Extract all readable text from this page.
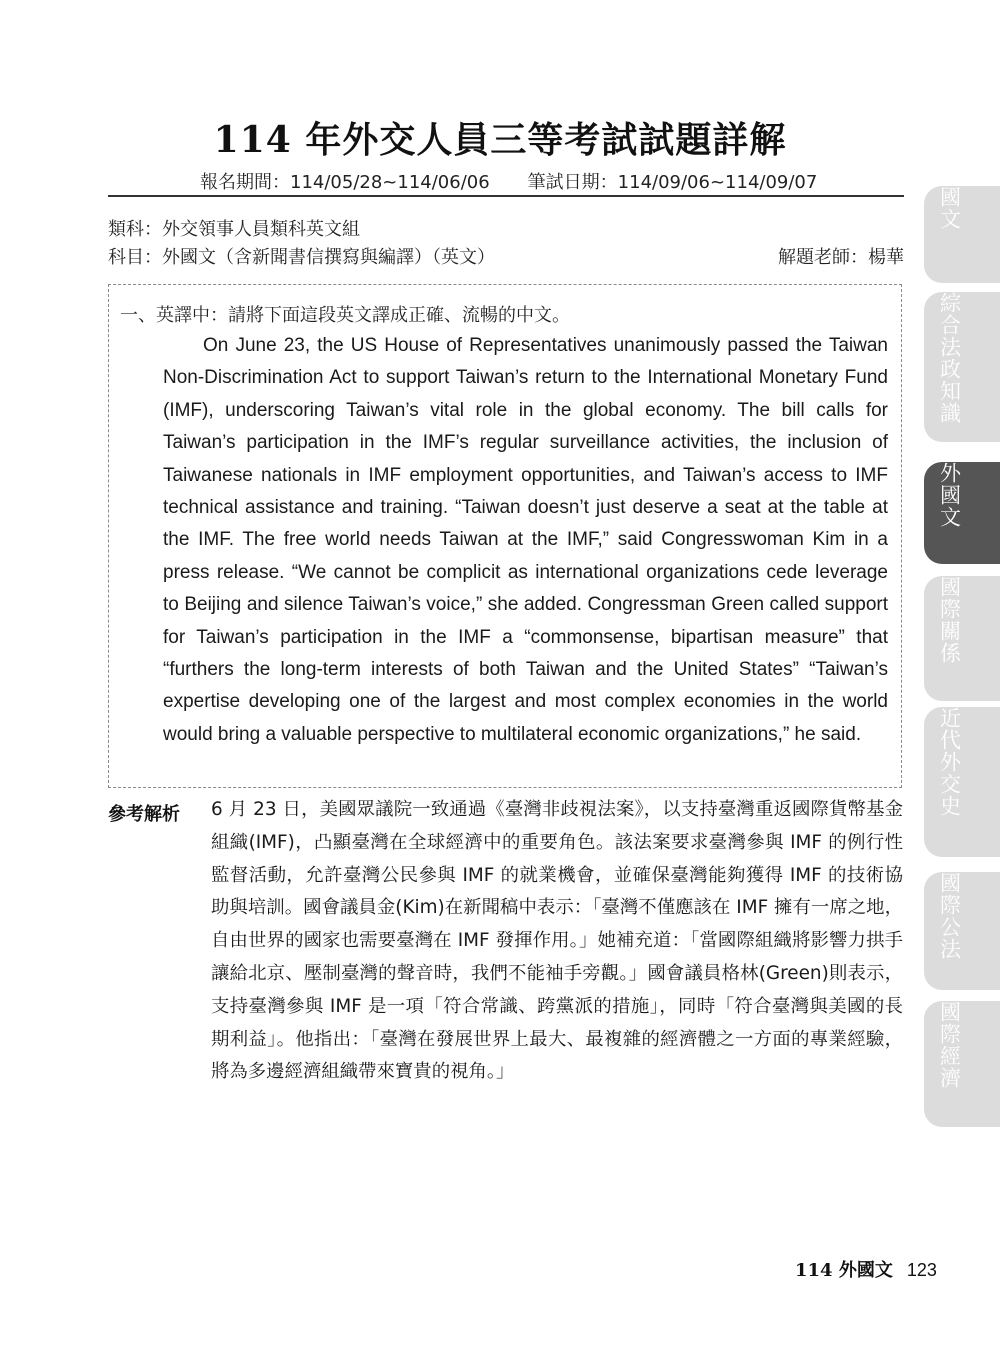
114 年外交人員三等考試試題詳解
報名期間：114/05/28~114/06/06 筆試日期：114/09/06~114/09/07
類科：外交領事人員類科英文組
科目：外國文（含新聞書信撰寫與編譯）（英文）	解題老師：楊華
一、英譯中：請將下面這段英文譯成正確、流暢的中文。
On June 23, the US House of Representatives unanimously passed the Taiwan Non-Discrimination Act to support Taiwan’s return to the International Monetary Fund (IMF), underscoring Taiwan’s vital role in the global economy. The bill calls for Taiwan’s participation in the IMF’s regular surveillance activities, the inclusion of Taiwanese nationals in IMF employment opportunities, and Taiwan’s access to IMF technical assistance and training. “Taiwan doesn’t just deserve a seat at the table at the IMF. The free world needs Taiwan at the IMF,” said Congresswoman Kim in a press release. “We cannot be complicit as international organizations cede leverage to Beijing and silence Taiwan’s voice,” she added. Congressman Green called support for Taiwan’s participation in the IMF a “commonsense, bipartisan measure” that “furthers the long-term interests of both Taiwan and the United States” “Taiwan’s expertise developing one of the largest and most complex economies in the world would bring a valuable perspective to multilateral economic organizations,” he said.
參考解析 6 月 23 日，美國眾議院一致通過《臺灣非歧視法案》，以支持臺灣重返國際貨幣基金組織(IMF)，凸顯臺灣在全球經濟中的重要角色。該法案要求臺灣參與 IMF 的例行性監督活動，允許臺灣公民參與 IMF 的就業機會，並確保臺灣能夠獲得 IMF 的技術協助與培訓。國會議員金(Kim)在新聞稿中表示：「臺灣不僅應該在 IMF 擁有一席之地，自由世界的國家也需要臺灣在 IMF 發揮作用。」她補充道：「當國際組織將影響力拱手讓給北京、壓制臺灣的聲音時，我們不能袖手旁觀。」國會議員格林(Green)則表示，支持臺灣參與 IMF 是一項「符合常識、跨黨派的措施」，同時「符合臺灣與美國的長期利益」。他指出：「臺灣在發展世界上最大、最複雜的經濟體之一方面的專業經驗，將為多邊經濟組織帶來寶貴的視角。」
國文
綜合法政知識
外國文
國際關係
近代外交史
國際公法
國際經濟
114 外國文 123
